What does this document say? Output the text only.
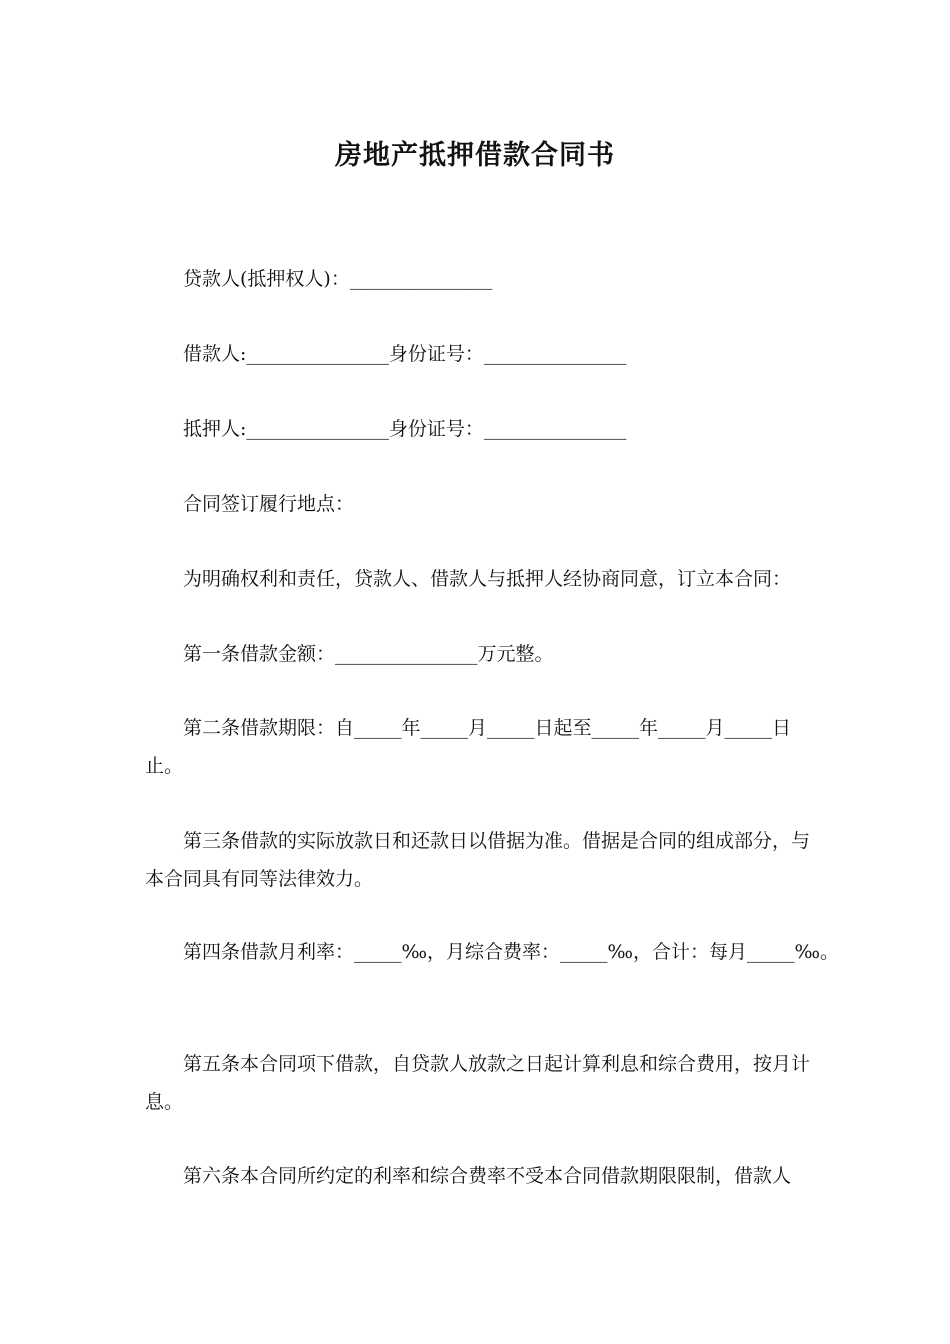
房地产抵押借款合同书
贷款人(抵押权人)：_______________
借款人:_______________身份证号：_______________
抵押人:_______________身份证号：_______________
合同签订履行地点：
为明确权利和责任，贷款人、借款人与抵押人经协商同意，订立本合同：
第一条借款金额：_______________万元整。
第二条借款期限：自_____年_____月_____日起至_____年_____月_____日止。
第三条借款的实际放款日和还款日以借据为准。借据是合同的组成部分，与本合同具有同等法律效力。
第四条借款月利率：_____‰，月综合费率：_____‰，合计：每月_____‰。
第五条本合同项下借款，自贷款人放款之日起计算利息和综合费用，按月计息。
第六条本合同所约定的利率和综合费率不受本合同借款期限限制，借款人
